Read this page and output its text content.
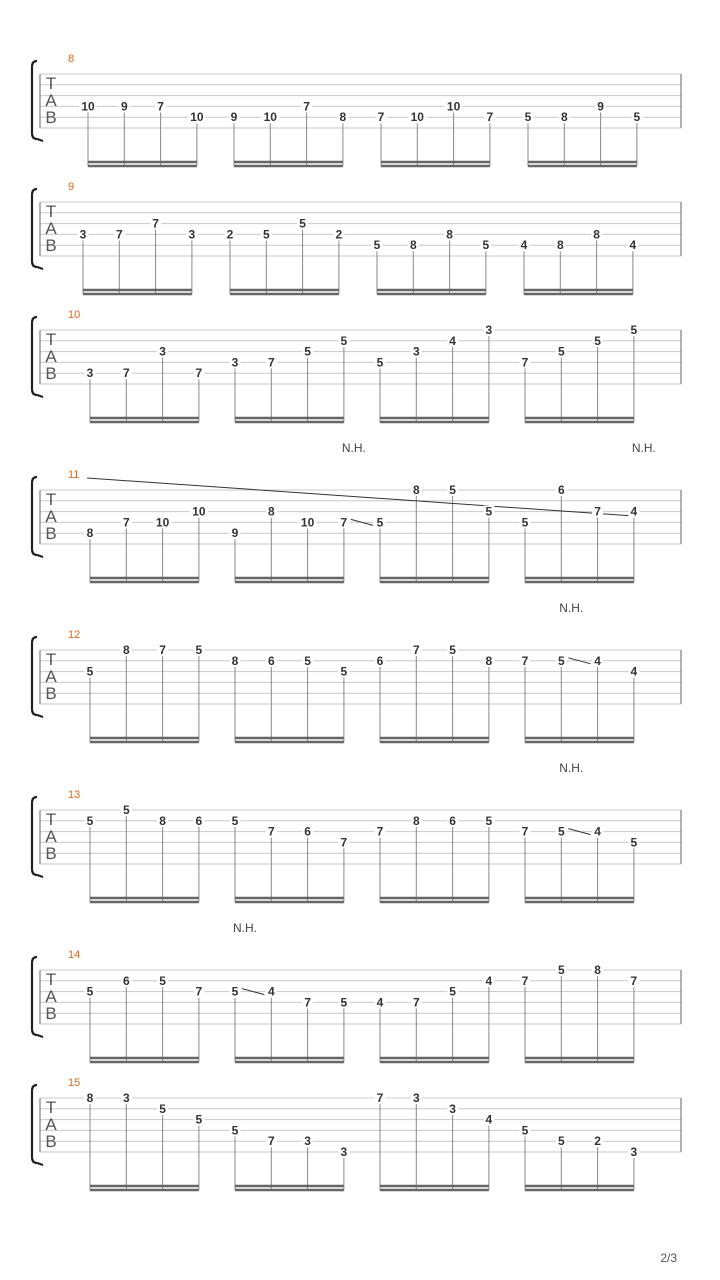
T
A
B
8
10 9 7
10 9 10
7
8	7 10
10
7	5 8
9
5
T
A
B
9
3 7
7
3	2 5
5
2
5 8
8
5	4 8
8
4
T
A
B
10
3 7
3
7
3 7
5
5
5
3
4
3
7
5
5
5
T
A
B
11
8
7 10
10
9
8
10 7 5
8 5
5
5
6
7 4
N.H.	N.H.
T
A
B
12
5
8 7 5
8 6 5
5
6
7 5
8 7 5 4
4
N.H.
T
A
B
13
5
5
8 6 5
7 6
7
7
8 6 5
7 5 4
5
N.H.
T
A
B
14
5
6 5
7 5 4
7 5 4 7
5
4 7
5 8
7
N.H.
T
A
B
15
8 3
5
5
5
7 3
3
7 3
3
4
5
5 2
3
2/3
